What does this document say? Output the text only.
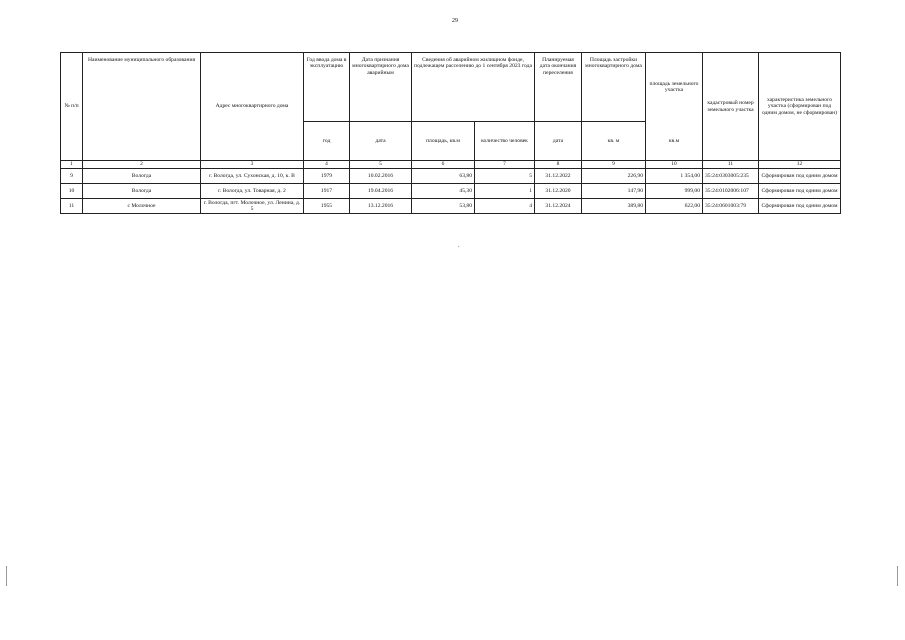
29
№ п/п	Наименование муниципального образования	Адрес многоквартирного дома	Год ввода дома в эксплуатацию	Дата признания многоквартирного дома аварийным	Сведения об аварийном жилищном фонде, подлежащем расселению до 1 сентября 2023 года		Планируемая дата окончания переселения	Площадь застройки многоквартирного дома	площадь земельного участка	кадастровый номер земельного участка	характеристика земельного участка (сформирован под одним домом, не сформирован)
			год	дата	площадь, кв.м	количество человек	дата	кв. м	кв.м		
1	2	3	4	5	6	7	8	9	10	11	12
9	Вологда	г. Вологда, ул. Сухонская, д. 10, к. В	1979	10.02.2016	63,80	5	31.12.2022	226,90	1 354,00	35:24:0303005:235	Сформирован под одним домом
10	Вологда	г. Вологда, ул. Товарная, д. 2	1917	19.04.2016	45,30	1	31.12.2020	147,90	999,00	35:24:0102006:107	Сформирован под одним домом
11	с Молочное	г. Вологда, пгт. Молочное, ул. Ленина, д. 5	1955	13.12.2016	53,80	4	31.12.2024	389,80	622,00	35:24:0601003:79	Сформирован под одним домом
.
